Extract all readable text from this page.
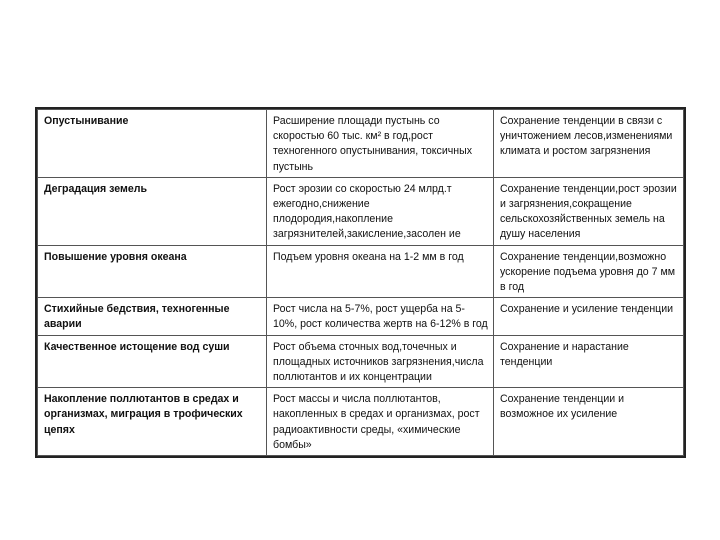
Опустынивание	Расширение площади пустынь со скоростью 60 тыс. км² в год,рост техногенного опустынивания, токсичных пустынь	Сохранение тенденции в связи с уничтожением лесов,изменениями климата и ростом загрязнения
Деградация земель	Рост эрозии со скоростью 24 млрд.т ежегодно,снижение плодородия,накопление загрязнителей,закисление,засолен ие	Сохранение тенденции,рост эрозии и загрязнения,сокращение сельскохозяйственных земель на душу населения
Повышение уровня океана	Подъем уровня океана на 1-2 мм в год	Сохранение тенденции,возможно ускорение подъема уровня до 7 мм в год
Стихийные бедствия, техногенные аварии	Рост числа на 5-7%, рост ущерба на 5-10%, рост количества жертв на 6-12% в год	Сохранение и усиление тенденции
Качественное истощение вод суши	Рост объема сточных вод,точечных и площадных источников загрязнения,числа поллютантов и их концентрации	Сохранение и нарастание тенденции
Накопление поллютантов в средах и организмах, миграция в трофических цепях	Рост массы и числа поллютантов, накопленных в средах и организмах, рост радиоактивности среды, «химические бомбы»	Сохранение тенденции и возможное их усиление
